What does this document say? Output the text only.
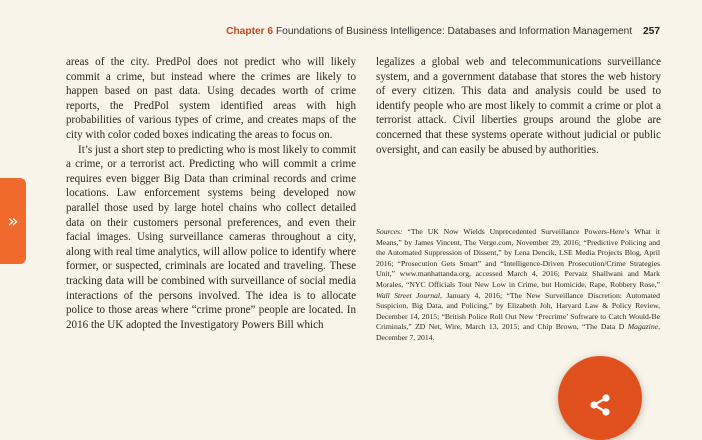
Chapter 6 Foundations of Business Intelligence: Databases and Information Management 257

areas of the city. PredPol does not predict who will likely commit a crime, but instead where the crimes are likely to happen based on past data. Using decades worth of crime reports, the PredPol system identified areas with high probabilities of various types of crime, and creates maps of the city with color coded boxes indicating the areas to focus on.

It’s just a short step to predicting who is most likely to commit a crime, or a terrorist act. Predicting who will commit a crime requires even bigger Big Data than criminal records and crime locations. Law enforcement systems being developed now parallel those used by large hotel chains who collect detailed data on their customers personal preferences, and even their facial images. Using surveillance cameras throughout a city, along with real time analytics, will allow police to identify where former, or suspected, criminals are located and traveling. These tracking data will be combined with surveillance of social media interactions of the persons involved. The idea is to allocate police to those areas where “crime prone” people are located. In 2016 the UK adopted the Investigatory Powers Bill which

legalizes a global web and telecommunications surveillance system, and a government database that stores the web history of every citizen. This data and analysis could be used to identify people who are most likely to commit a crime or plot a terrorist attack. Civil liberties groups around the globe are concerned that these systems operate without judicial or public oversight, and can easily be abused by authorities.

Sources: “The UK Now Wields Unprecedented Surveillance Powers-Here’s What it Means,” by James Vincent, The Verge.com, November 29, 2016; “Predictive Policing and the Automated Suppression of Dissent,” by Lena Dencik, LSE Media Projects Blog, April 2016; “Prosecution Gets Smart” and “Intelligence-Driven Prosecution/Crime Strategies Unit,” www.manhattanda.org, accessed March 4, 2016; Pervaiz Shallwani and Mark Morales, “NYC Officials Tout New Low in Crime, but Homicide, Rape, Robbery Rose,” Wall Street Journal, January 4, 2016; “The New Surveillance Discretion: Automated Suspicion, Big Data, and Policing,” by Elizabeth Joh, Harvard Law & Policy Review, December 14, 2015; “British Police Roll Out New ‘Precrime’ Software to Catch Would-Be Criminals,” ZD Net, Wire, March 13, 2015; and Chip Brown, “The Data D Magazine, December 7, 2014.
»
